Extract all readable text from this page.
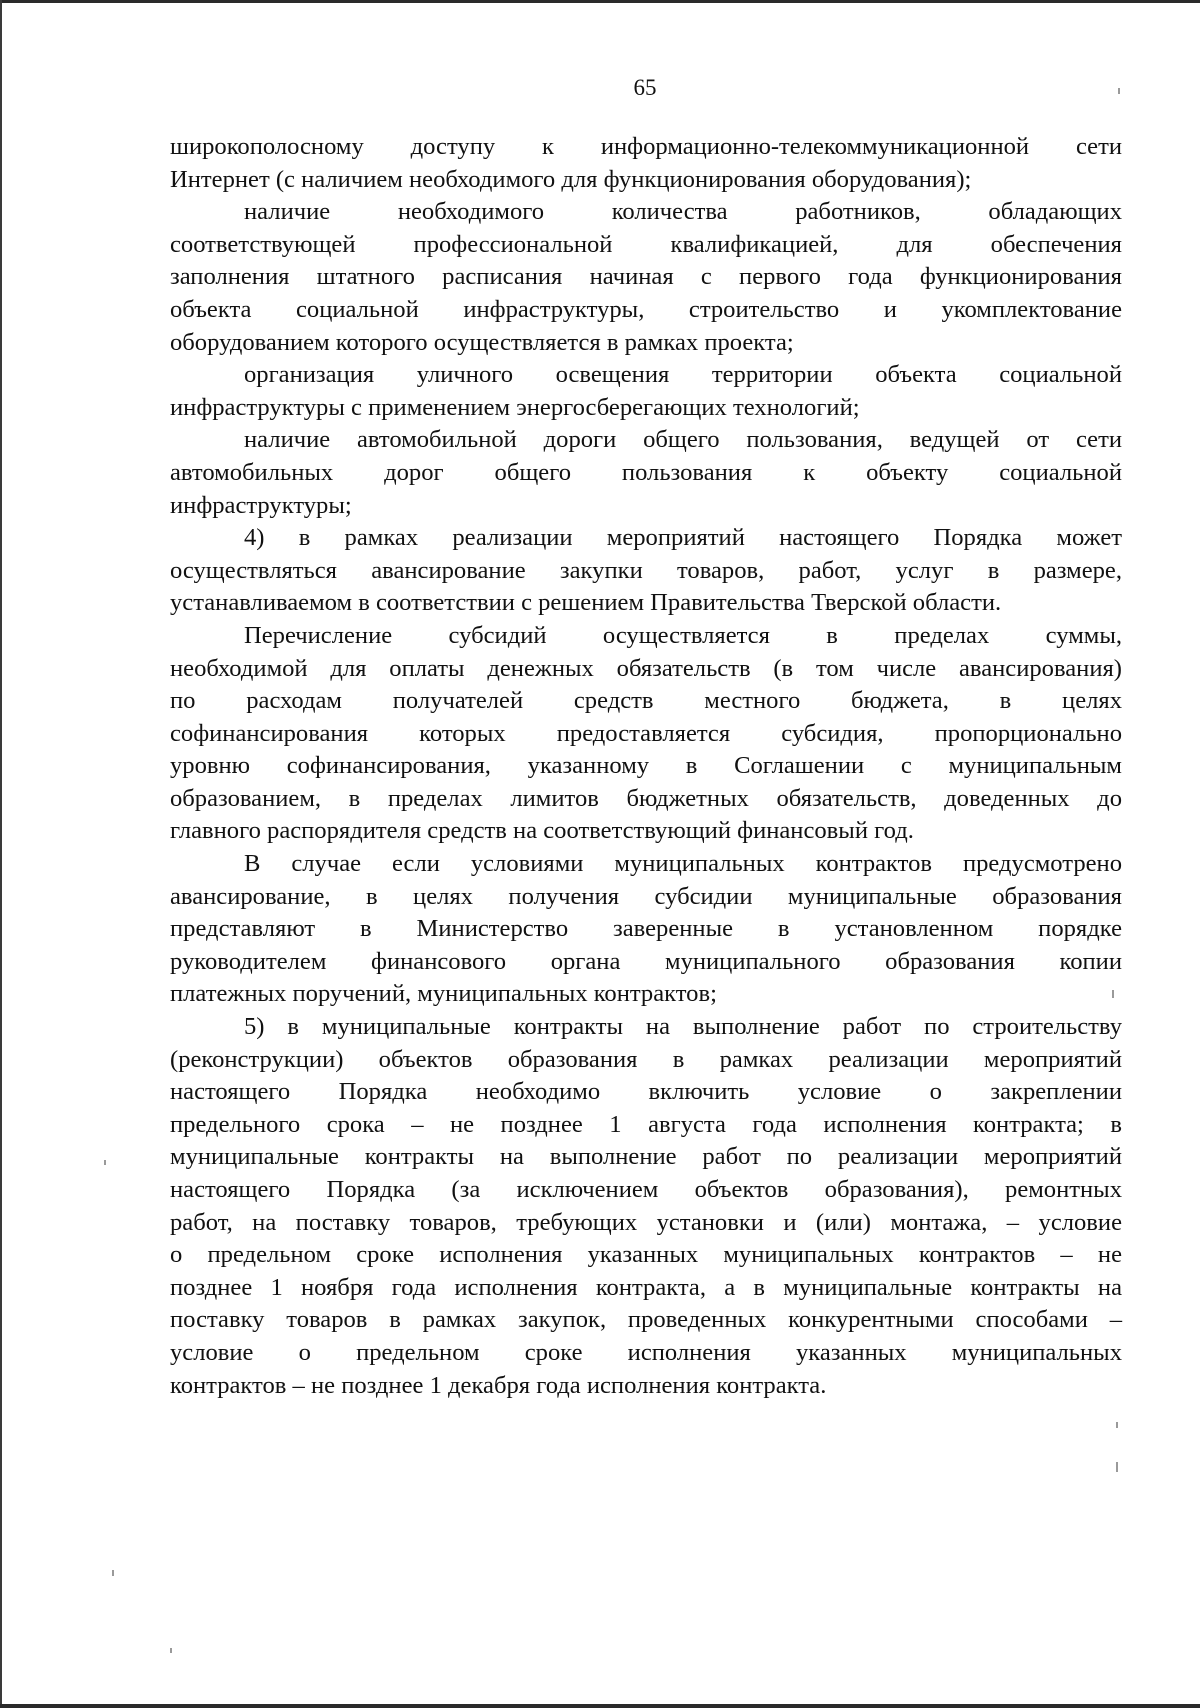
65

широкополосному доступу к информационно-телекоммуникационной сети
Интернет (с наличием необходимого для функционирования оборудования);

наличие необходимого количества работников, обладающих
соответствующей профессиональной квалификацией, для обеспечения
заполнения штатного расписания начиная с первого года функционирования
объекта социальной инфраструктуры, строительство и укомплектование
оборудованием которого осуществляется в рамках проекта;

организация уличного освещения территории объекта социальной
инфраструктуры с применением энергосберегающих технологий;

наличие автомобильной дороги общего пользования, ведущей от сети
автомобильных дорог общего пользования к объекту социальной
инфраструктуры;

4) в рамках реализации мероприятий настоящего Порядка может
осуществляться авансирование закупки товаров, работ, услуг в размере,
устанавливаемом в соответствии с решением Правительства Тверской области.

Перечисление субсидий осуществляется в пределах суммы,
необходимой для оплаты денежных обязательств (в том числе авансирования)
по расходам получателей средств местного бюджета, в целях
софинансирования которых предоставляется субсидия, пропорционально
уровню софинансирования, указанному в Соглашении с муниципальным
образованием, в пределах лимитов бюджетных обязательств, доведенных до
главного распорядителя средств на соответствующий финансовый год.

В случае если условиями муниципальных контрактов предусмотрено
авансирование, в целях получения субсидии муниципальные образования
представляют в Министерство заверенные в установленном порядке
руководителем финансового органа муниципального образования копии
платежных поручений, муниципальных контрактов;

5) в муниципальные контракты на выполнение работ по строительству
(реконструкции) объектов образования в рамках реализации мероприятий
настоящего Порядка необходимо включить условие о закреплении
предельного срока – не позднее 1 августа года исполнения контракта; в
муниципальные контракты на выполнение работ по реализации мероприятий
настоящего Порядка (за исключением объектов образования), ремонтных
работ, на поставку товаров, требующих установки и (или) монтажа, – условие
о предельном сроке исполнения указанных муниципальных контрактов – не
позднее 1 ноября года исполнения контракта, а в муниципальные контракты на
поставку товаров в рамках закупок, проведенных конкурентными способами –
условие о предельном сроке исполнения указанных муниципальных
контрактов – не позднее 1 декабря года исполнения контракта.
